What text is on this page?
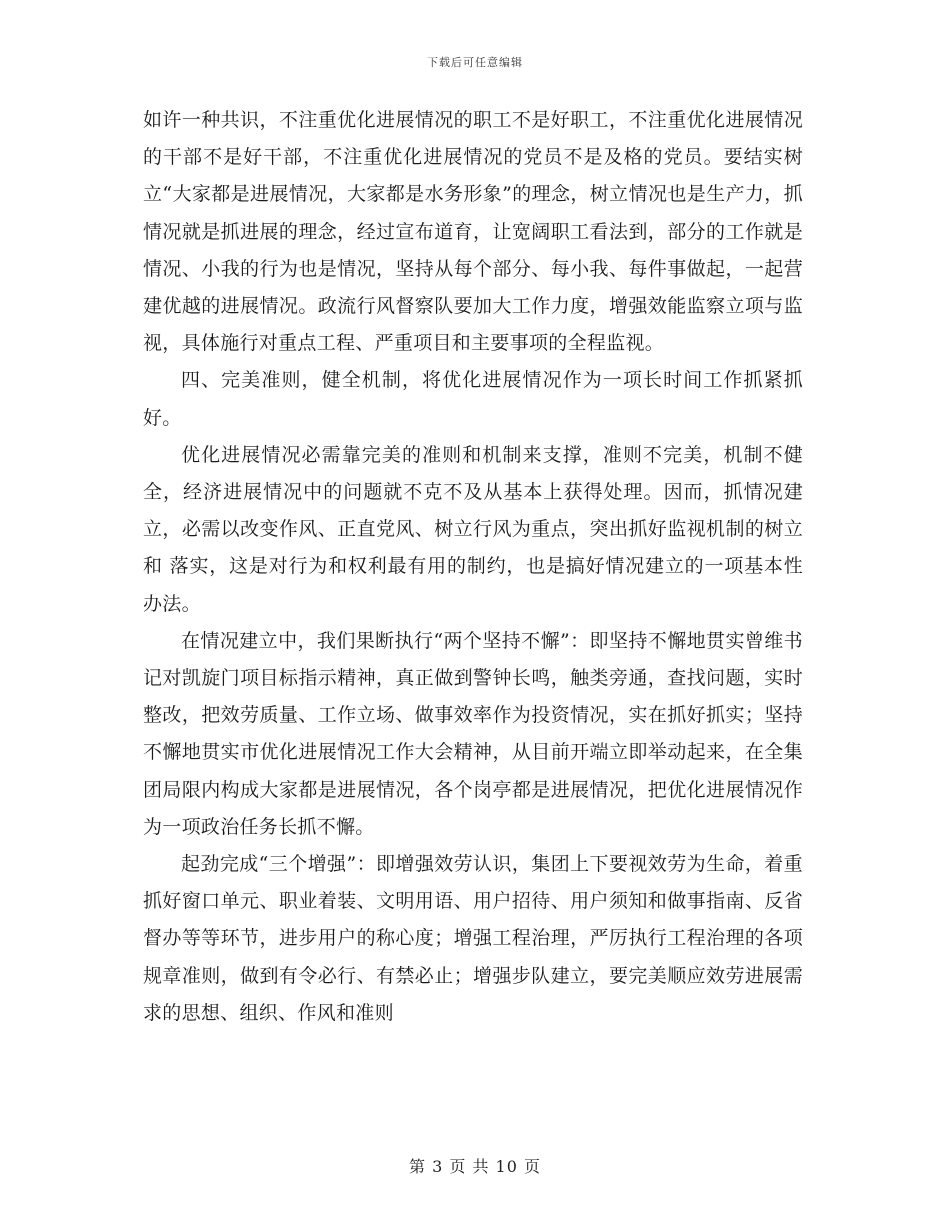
下载后可任意编辑

如许一种共识，不注重优化进展情况的职工不是好职工，不注重优化进展情况的干部不是好干部，不注重优化进展情况的党员不是及格的党员。要结实树立“大家都是进展情况，大家都是水务形象”的理念，树立情况也是生产力，抓情况就是抓进展的理念，经过宣布道育，让宽阔职工看法到，部分的工作就是情况、小我的行为也是情况，坚持从每个部分、每小我、每件事做起，一起营建优越的进展情况。政流行风督察队要加大工作力度，增强效能监察立项与监视，具体施行对重点工程、严重项目和主要事项的全程监视。

四、完美准则，健全机制，将优化进展情况作为一项长时间工作抓紧抓好。

优化进展情况必需靠完美的准则和机制来支撑，准则不完美，机制不健全，经济进展情况中的问题就不克不及从基本上获得处理。因而，抓情况建立，必需以改变作风、正直党风、树立行风为重点，突出抓好监视机制的树立和 落实，这是对行为和权利最有用的制约，也是搞好情况建立的一项基本性办法。

在情况建立中，我们果断执行“两个坚持不懈”：即坚持不懈地贯实曾维书记对凯旋门项目标指示精神，真正做到警钟长鸣，触类旁通，查找问题，实时整改，把效劳质量、工作立场、做事效率作为投资情况，实在抓好抓实；坚持不懈地贯实市优化进展情况工作大会精神，从目前开端立即举动起来，在全集团局限内构成大家都是进展情况，各个岗亭都是进展情况，把优化进展情况作为一项政治任务长抓不懈。

起劲完成“三个增强”：即增强效劳认识，集团上下要视效劳为生命，着重抓好窗口单元、职业着装、文明用语、用户招待、用户须知和做事指南、反省督办等等环节，进步用户的称心度；增强工程治理，严厉执行工程治理的各项规章准则，做到有令必行、有禁必止；增强步队建立，要完美顺应效劳进展需求的思想、组织、作风和准则

第 3 页 共 10 页
